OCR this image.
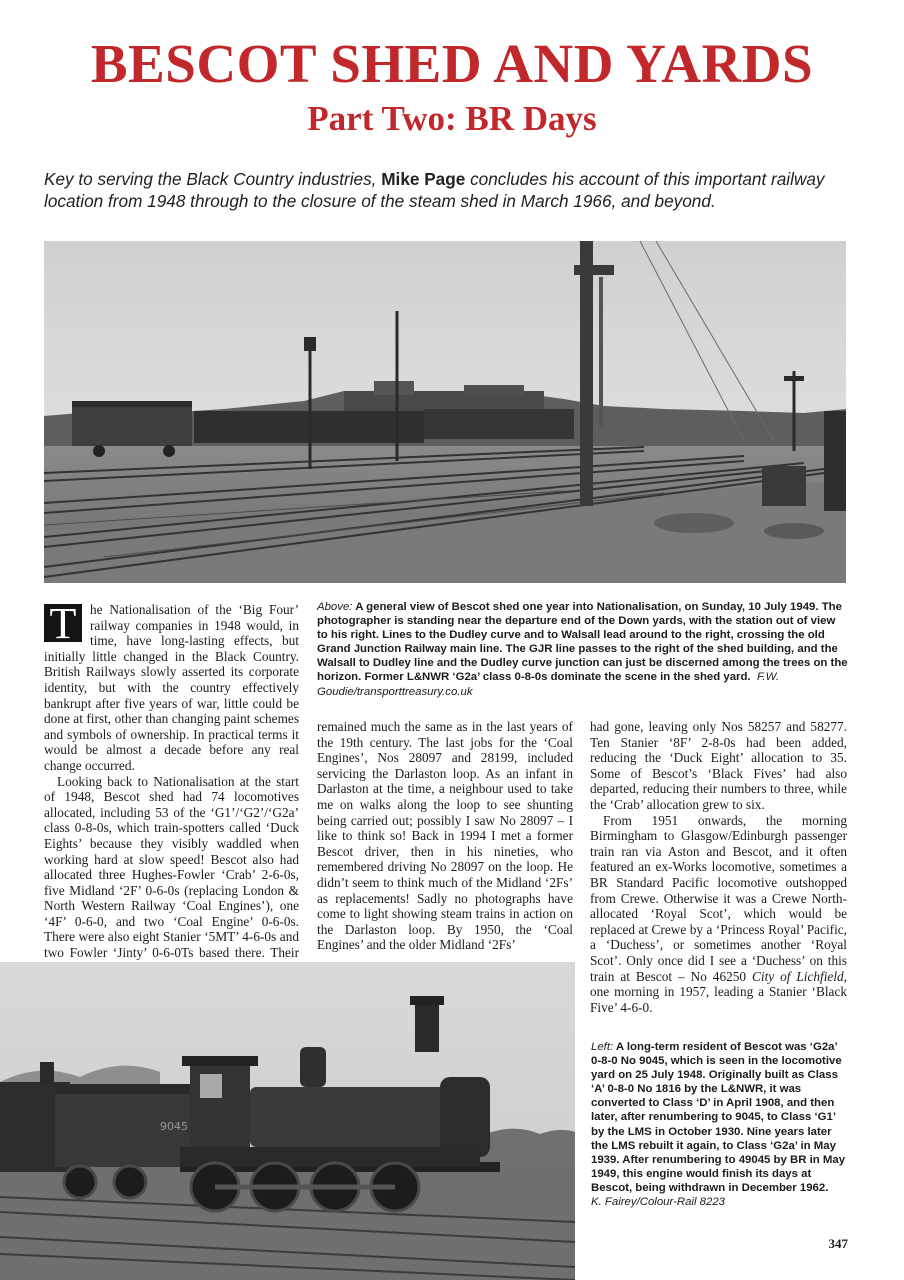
BESCOT SHED AND YARDS
Part Two: BR Days
Key to serving the Black Country industries, Mike Page concludes his account of this important railway location from 1948 through to the closure of the steam shed in March 1966, and beyond.
Above: A general view of Bescot shed one year into Nationalisation, on Sunday, 10 July 1949. The photographer is standing near the departure end of the Down yards, with the station out of view to his right. Lines to the Dudley curve and to Walsall lead around to the right, crossing the old Grand Junction Railway main line. The GJR line passes to the right of the shed building, and the Walsall to Dudley line and the Dudley curve junction can just be discerned among the trees on the horizon. Former L&NWR ‘G2a’ class 0-8-0s dominate the scene in the shed yard. F.W. Goudie/transporttreasury.co.uk

T	he Nationalisation of the ‘Big Four’ railway companies in 1948 would, in time, have long-lasting effects, but initially little changed in the Black Country. British Railways slowly asserted its corporate identity, but with the country effectively bankrupt after five years of war, little could be done at first, other than changing paint schemes and symbols of ownership. In practical terms it would be almost a decade before any real change occurred.

Looking back to Nationalisation at the start of 1948, Bescot shed had 74 locomotives allocated, including 53 of the ‘G1’/‘G2’/‘G2a’ class 0-8-0s, which train-spotters called ‘Duck Eights’ because they visibly waddled when working hard at slow speed! Bescot also had allocated three Hughes-Fowler ‘Crab’ 2-6-0s, five Midland ‘2F’ 0-6-0s (replacing London & North Western Railway ‘Coal Engines’), one ‘4F’ 0-6-0, and two ‘Coal Engine’ 0-6-0s. There were also eight Stanier ‘5MT’ 4-6-0s and two Fowler ‘Jinty’ 0-6-0Ts based there. Their

remained much the same as in the last years of the 19th century. The last jobs for the ‘Coal Engines’, Nos 28097 and 28199, included servicing the Darlaston loop. As an infant in Darlaston at the time, a neighbour used to take me on walks along the loop to see shunting being carried out; possibly I saw No 28097 – I like to think so! Back in 1994 I met a former Bescot driver, then in his nineties, who remembered driving No 28097 on the loop. He didn’t seem to think much of the Midland ‘2Fs’ as replacements! Sadly no photographs have come to light showing steam trains in action on the Darlaston loop. By 1950, the ‘Coal Engines’ and the older Midland ‘2Fs’

had gone, leaving only Nos 58257 and 58277. Ten Stanier ‘8F’ 2-8-0s had been added, reducing the ‘Duck Eight’ allocation to 35. Some of Bescot’s ‘Black Fives’ had also departed, reducing their numbers to three, while the ‘Crab’ allocation grew to six.

From 1951 onwards, the morning Birmingham to Glasgow/Edinburgh passenger train ran via Aston and Bescot, and it often featured an ex-Works locomotive, sometimes a BR Standard Pacific locomotive outshopped from Crewe. Otherwise it was a Crewe North-allocated ‘Royal Scot’, which would be replaced at Crewe by a ‘Princess Royal’ Pacific, a ‘Duchess’, or sometimes another ‘Royal Scot’. Only once did I see a ‘Duchess’ on this train at Bescot – No 46250 City of Lichfield, one morning in 1957, leading a Stanier ‘Black Five’ 4-6-0.

9045
Left: A long-term resident of Bescot was ‘G2a’ 0-8-0 No 9045, which is seen in the locomotive yard on 25 July 1948. Originally built as Class ‘A’ 0-8-0 No 1816 by the L&NWR, it was converted to Class ‘D’ in April 1908, and then later, after renumbering to 9045, to Class ‘G1’ by the LMS in October 1930. Nine years later the LMS rebuilt it again, to Class ‘G2a’ in May 1939. After renumbering to 49045 by BR in May 1949, this engine would finish its days at Bescot, being withdrawn in December 1962.
K. Fairey/Colour-Rail 8223
347
